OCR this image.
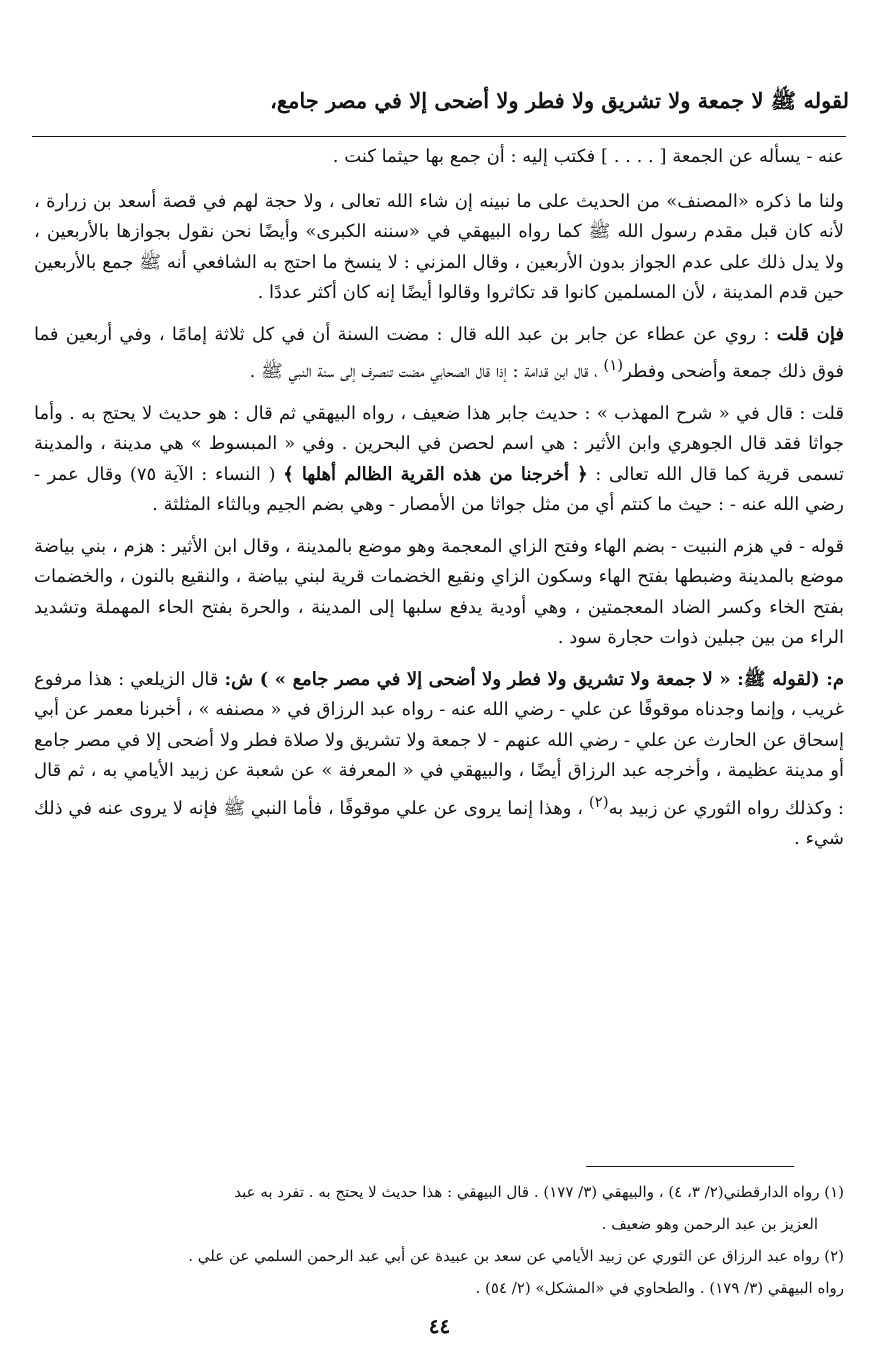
لقوله ﷺ لا جمعة ولا تشريق ولا فطر ولا أضحى إلا في مصر جامع،

عنه - يسأله عن الجمعة [ . . . . ] فكتب إليه : أن جمع بها حيثما كنت .

ولنا ما ذكره «المصنف» من الحديث على ما نبينه إن شاء الله تعالى ، ولا حجة لهم في قصة أسعد بن زرارة ، لأنه كان قبل مقدم رسول الله ﷺ كما رواه البيهقي في «سننه الكبرى» وأيضًا نحن نقول بجوازها بالأربعين ، ولا يدل ذلك على عدم الجواز بدون الأربعين ، وقال المزني : لا ينسخ ما احتج به الشافعي أنه ﷺ جمع بالأربعين حين قدم المدينة ، لأن المسلمين كانوا قد تكاثروا وقالوا أيضًا إنه كان أكثر عددًا .

فإن قلت : روي عن عطاء عن جابر بن عبد الله قال : مضت السنة أن في كل ثلاثة إمامًا ، وفي أربعين فما فوق ذلك جمعة وأضحى وفطر$^{(١)}$ ، قال ابن قدامة : إذا قال الصحابي مضت تنصرف إلى سنة النبي ﷺ .

قلت : قال في « شرح المهذب » : حديث جابر هذا ضعيف ، رواه البيهقي ثم قال : هو حديث لا يحتج به . وأما جواثا فقد قال الجوهري وابن الأثير : هي اسم لحصن في البحرين . وفي « المبسوط » هي مدينة ، والمدينة تسمى قرية كما قال الله تعالى : ﴿ أخرجنا من هذه القرية الظالم أهلها ﴾ ( النساء : الآية ٧٥) وقال عمر - رضي الله عنه - : حيث ما كنتم أي من مثل جواثا من الأمصار - وهي بضم الجيم وبالثاء المثلثة .

قوله - في هزم النبيت - بضم الهاء وفتح الزاي المعجمة وهو موضع بالمدينة ، وقال ابن الأثير : هزم ، بني بياضة موضع بالمدينة وضبطها بفتح الهاء وسكون الزاي ونقيع الخضمات قرية لبني بياضة ، والنقيع بالنون ، والخضمات بفتح الخاء وكسر الضاد المعجمتين ، وهي أودية يدفع سلبها إلى المدينة ، والحرة بفتح الحاء المهملة وتشديد الراء من بين جبلين ذوات حجارة سود .

م: (لقوله ﷺ: « لا جمعة ولا تشريق ولا فطر ولا أضحى إلا في مصر جامع » ) ش: قال الزيلعي : هذا مرفوع غريب ، وإنما وجدناه موقوفًا عن علي - رضي الله عنه - رواه عبد الرزاق في « مصنفه » ، أخبرنا معمر عن أبي إسحاق عن الحارث عن علي - رضي الله عنهم - لا جمعة ولا تشريق ولا صلاة فطر ولا أضحى إلا في مصر جامع أو مدينة عظيمة ، وأخرجه عبد الرزاق أيضًا ، والبيهقي في « المعرفة » عن شعبة عن زبيد الأيامي به ، ثم قال : وكذلك رواه الثوري عن زبيد به$^{(٢)}$ ، وهذا إنما يروى عن علي موقوفًا ، فأما النبي ﷺ فإنه لا يروى عنه في ذلك شيء .

(١) رواه الدارقطني(٢/ ٣، ٤) ، والبيهقي (٣/ ١٧٧) . قال البيهقي : هذا حديث لا يحتج به . تفرد به عبد

العزيز بن عبد الرحمن وهو ضعيف .

(٢) رواه عبد الرزاق عن الثوري عن زبيد الأيامي عن سعد بن عبيدة عن أبي عبد الرحمن السلمي عن علي .

رواه البيهقي (٣/ ١٧٩) . والطحاوي في «المشكل» (٢/ ٥٤) .

٤٤
